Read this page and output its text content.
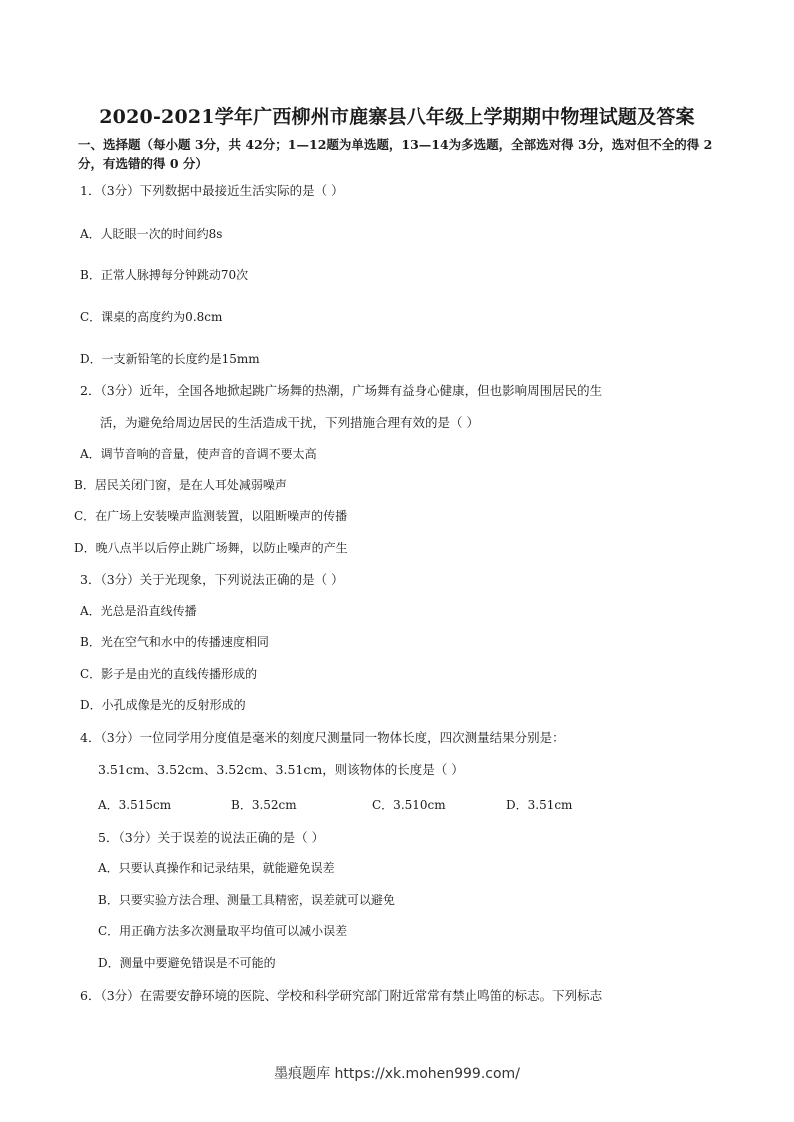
2020-2021学年广西柳州市鹿寨县八年级上学期期中物理试题及答案
一、选择题（每小题 3分，共 42分；1—12题为单选题，13—14为多选题，全部选对得 3分，选对但不全的得 2 分，有选错的得 0 分）
1．（3分）下列数据中最接近生活实际的是（ ）
A．人眨眼一次的时间约8s
B．正常人脉搏每分钟跳动70次
C．课桌的高度约为0.8cm
D．一支新铅笔的长度约是15mm
2．（3分）近年，全国各地掀起跳广场舞的热潮，广场舞有益身心健康，但也影响周围居民的生
活，为避免给周边居民的生活造成干扰，下列措施合理有效的是（ ）
A．调节音响的音量，使声音的音调不要太高
B．居民关闭门窗，是在人耳处减弱噪声
C．在广场上安装噪声监测装置，以阻断噪声的传播
D．晚八点半以后停止跳广场舞，以防止噪声的产生
3．（3分）关于光现象，下列说法正确的是（ ）
A．光总是沿直线传播
B．光在空气和水中的传播速度相同
C．影子是由光的直线传播形成的
D．小孔成像是光的反射形成的
4．（3分）一位同学用分度值是毫米的刻度尺测量同一物体长度，四次测量结果分别是：
3.51cm、3.52cm、3.52cm、3.51cm，则该物体的长度是（ ）
A．3.515cm	B．3.52cm	C．3.510cm	D．3.51cm
5．（3分）关于误差的说法正确的是（ ）
A．只要认真操作和记录结果，就能避免误差
B．只要实验方法合理、测量工具精密，误差就可以避免
C．用正确方法多次测量取平均值可以减小误差
D．测量中要避免错误是不可能的
6．（3分）在需要安静环境的医院、学校和科学研究部门附近常常有禁止鸣笛的标志。下列标志
墨痕题库 https://xk.mohen999.com/
